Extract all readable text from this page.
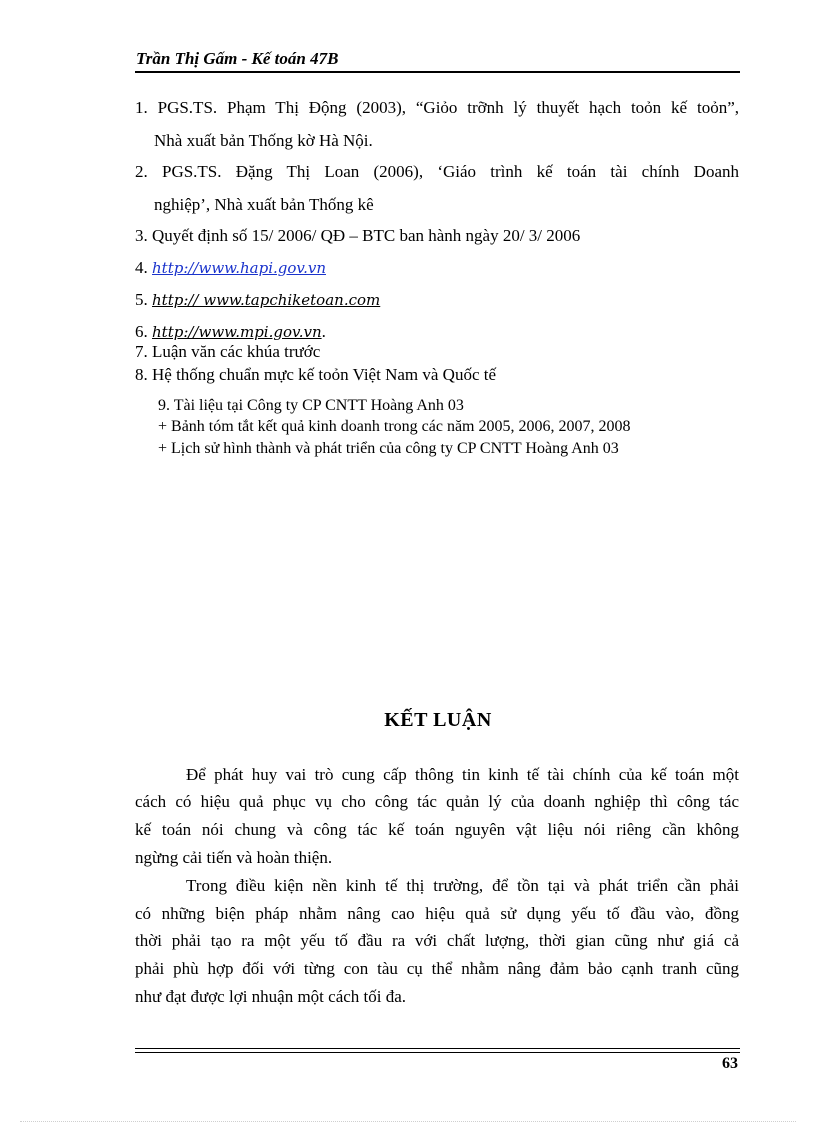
Trần Thị Gấm - Kế toán 47B
1. PGS.TS. Phạm Thị Động (2003), “Giỏo trỡnh lý thuyết hạch toỏn kế toỏn”,
Nhà xuất bản Thống kờ Hà Nội.
2. PGS.TS. Đặng Thị Loan (2006), ‘Giáo trình kế toán tài chính Doanh
nghiệp’, Nhà xuất bản Thống kê
3. Quyết định số 15/ 2006/ QĐ – BTC ban hành ngày 20/ 3/ 2006
4. http://www.hapi.gov.vn
5. http:// www.tapchiketoan.com
6. http://www.mpi.gov.vn.
7. Luận văn các khúa trước
8. Hệ thống chuẩn mực kế toỏn Việt Nam và Quốc tế
9. Tài liệu tại Công ty CP CNTT Hoàng Anh 03
+ Bảnh tóm tắt kết quả kinh doanh trong các năm 2005, 2006, 2007, 2008
+ Lịch sử hình thành và phát triển của công ty CP CNTT Hoàng Anh 03
KẾT LUẬN
Để phát huy vai trò cung cấp thông tin kinh tế tài chính của kế toán một
cách có hiệu quả phục vụ cho công tác quản lý của doanh nghiệp thì công tác
kế toán nói chung và công tác kế toán nguyên vật liệu nói riêng cần không
ngừng cải tiến và hoàn thiện.
Trong điều kiện nền kinh tế thị trường, để tồn tại và phát triển cần phải
có những biện pháp nhằm nâng cao hiệu quả sử dụng yếu tố đầu vào, đồng
thời phải tạo ra một yếu tố đầu ra với chất lượng, thời gian cũng như giá cả
phải phù hợp đối với từng con tàu cụ thể nhằm nâng đảm bảo cạnh tranh cũng
như đạt được lợi nhuận một cách tối đa.
63
